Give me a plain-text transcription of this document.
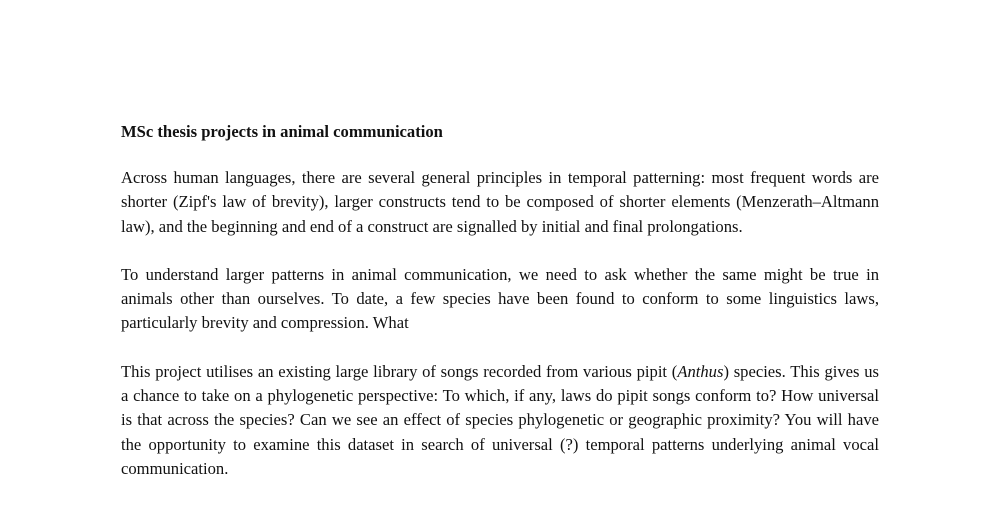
MSc thesis projects in animal communication

Across human languages, there are several general principles in temporal patterning: most frequent words are shorter (Zipf's law of brevity), larger constructs tend to be composed of shorter elements (Menzerath–Altmann law), and the beginning and end of a construct are signalled by initial and final prolongations.

To understand larger patterns in animal communication, we need to ask whether the same might be true in animals other than ourselves. To date, a few species have been found to conform to some linguistics laws, particularly brevity and compression. What

This project utilises an existing large library of songs recorded from various pipit (Anthus) species. This gives us a chance to take on a phylogenetic perspective: To which, if any, laws do pipit songs conform to? How universal is that across the species? Can we see an effect of species phylogenetic or geographic proximity? You will have the opportunity to examine this dataset in search of universal (?) temporal patterns underlying animal vocal communication.
